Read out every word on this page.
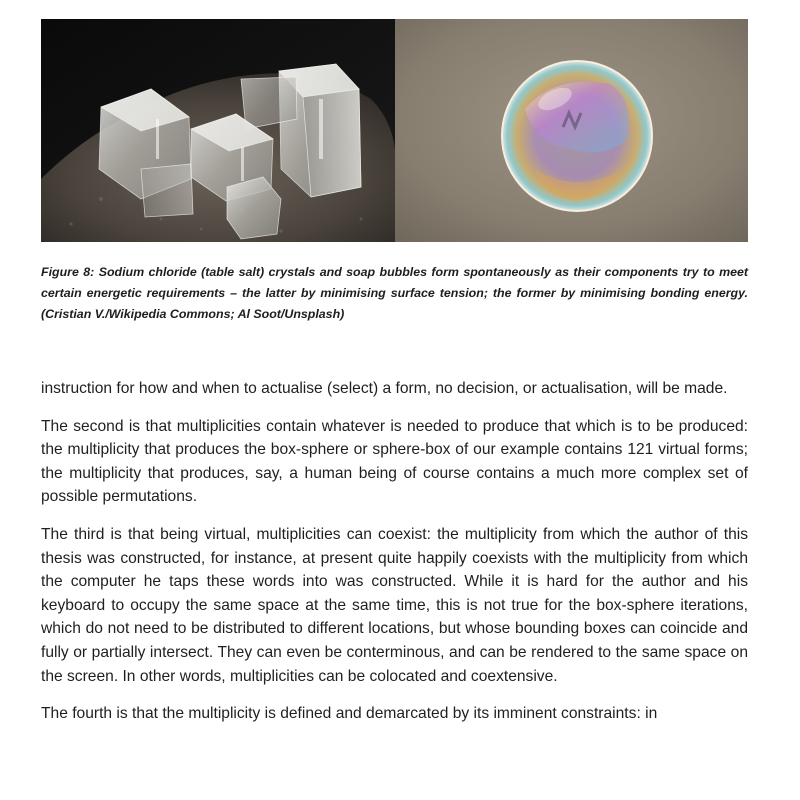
Figure 8: Sodium chloride (table salt) crystals and soap bubbles form spontaneously as their components try to meet certain energetic requirements – the latter by minimising surface tension; the former by minimising bonding energy. (Cristian V./Wikipedia Commons; Al Soot/Unsplash)

instruction for how and when to actualise (select) a form, no decision, or actualisation, will be made.

The second is that multiplicities contain whatever is needed to produce that which is to be produced: the multiplicity that produces the box-sphere or sphere-box of our example contains 121 virtual forms; the multiplicity that produces, say, a human being of course contains a much more complex set of possible permutations.

The third is that being virtual, multiplicities can coexist: the multiplicity from which the author of this thesis was constructed, for instance, at present quite happily coexists with the multiplicity from which the computer he taps these words into was constructed. While it is hard for the author and his keyboard to occupy the same space at the same time, this is not true for the box-sphere iterations, which do not need to be distributed to different locations, but whose bounding boxes can coincide and fully or partially intersect. They can even be conterminous, and can be rendered to the same space on the screen. In other words, multiplicities can be colocated and coextensive.

The fourth is that the multiplicity is defined and demarcated by its imminent constraints: in
